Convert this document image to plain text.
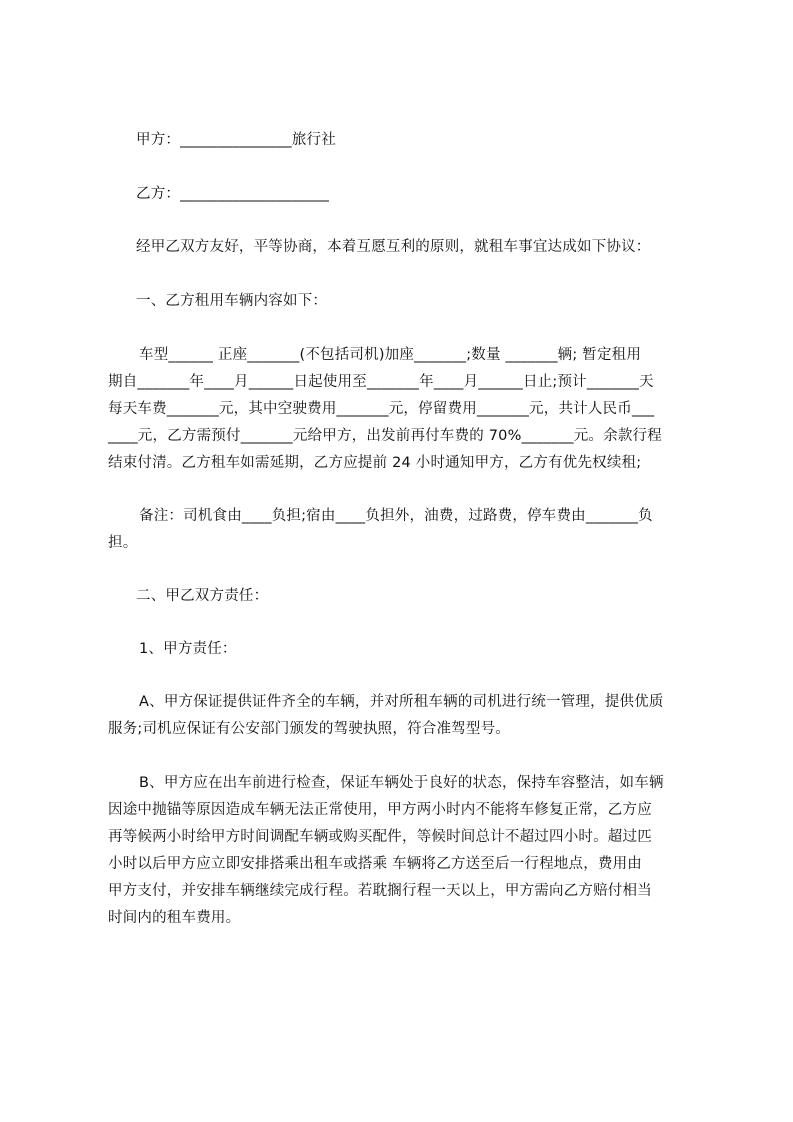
甲方：_______________旅行社
乙方：____________________
经甲乙双方友好，平等协商，本着互愿互利的原则，就租车事宜达成如下协议：
一、乙方租用车辆内容如下：
车型______ 正座_______(不包括司机)加座_______;数量 _______辆; 暂定租用
期自_______年____月______日起使用至_______年____月______日止;预计_______天
每天车费_______元，其中空驶费用_______元，停留费用_______元，共计人民币___
____元，乙方需预付_______元给甲方，出发前再付车费的 70%_______元。余款行程
结束付清。乙方租车如需延期，乙方应提前 24 小时通知甲方，乙方有优先权续租;
备注：司机食由____负担;宿由____负担外，油费，过路费，停车费由_______负
担。
二、甲乙双方责任：
1、甲方责任：
A、甲方保证提供证件齐全的车辆，并对所租车辆的司机进行统一管理，提供优质
服务;司机应保证有公安部门颁发的驾驶执照，符合准驾型号。
B、甲方应在出车前进行检查，保证车辆处于良好的状态，保持车容整洁，如车辆
因途中抛锚等原因造成车辆无法正常使用，甲方两小时内不能将车修复正常，乙方应
再等候两小时给甲方时间调配车辆或购买配件，等候时间总计不超过四小时。超过匹
小时以后甲方应立即安排搭乘出租车或搭乘 车辆将乙方送至后一行程地点，费用由
甲方支付，并安排车辆继续完成行程。若耽搁行程一天以上，甲方需向乙方赔付相当
时间内的租车费用。
